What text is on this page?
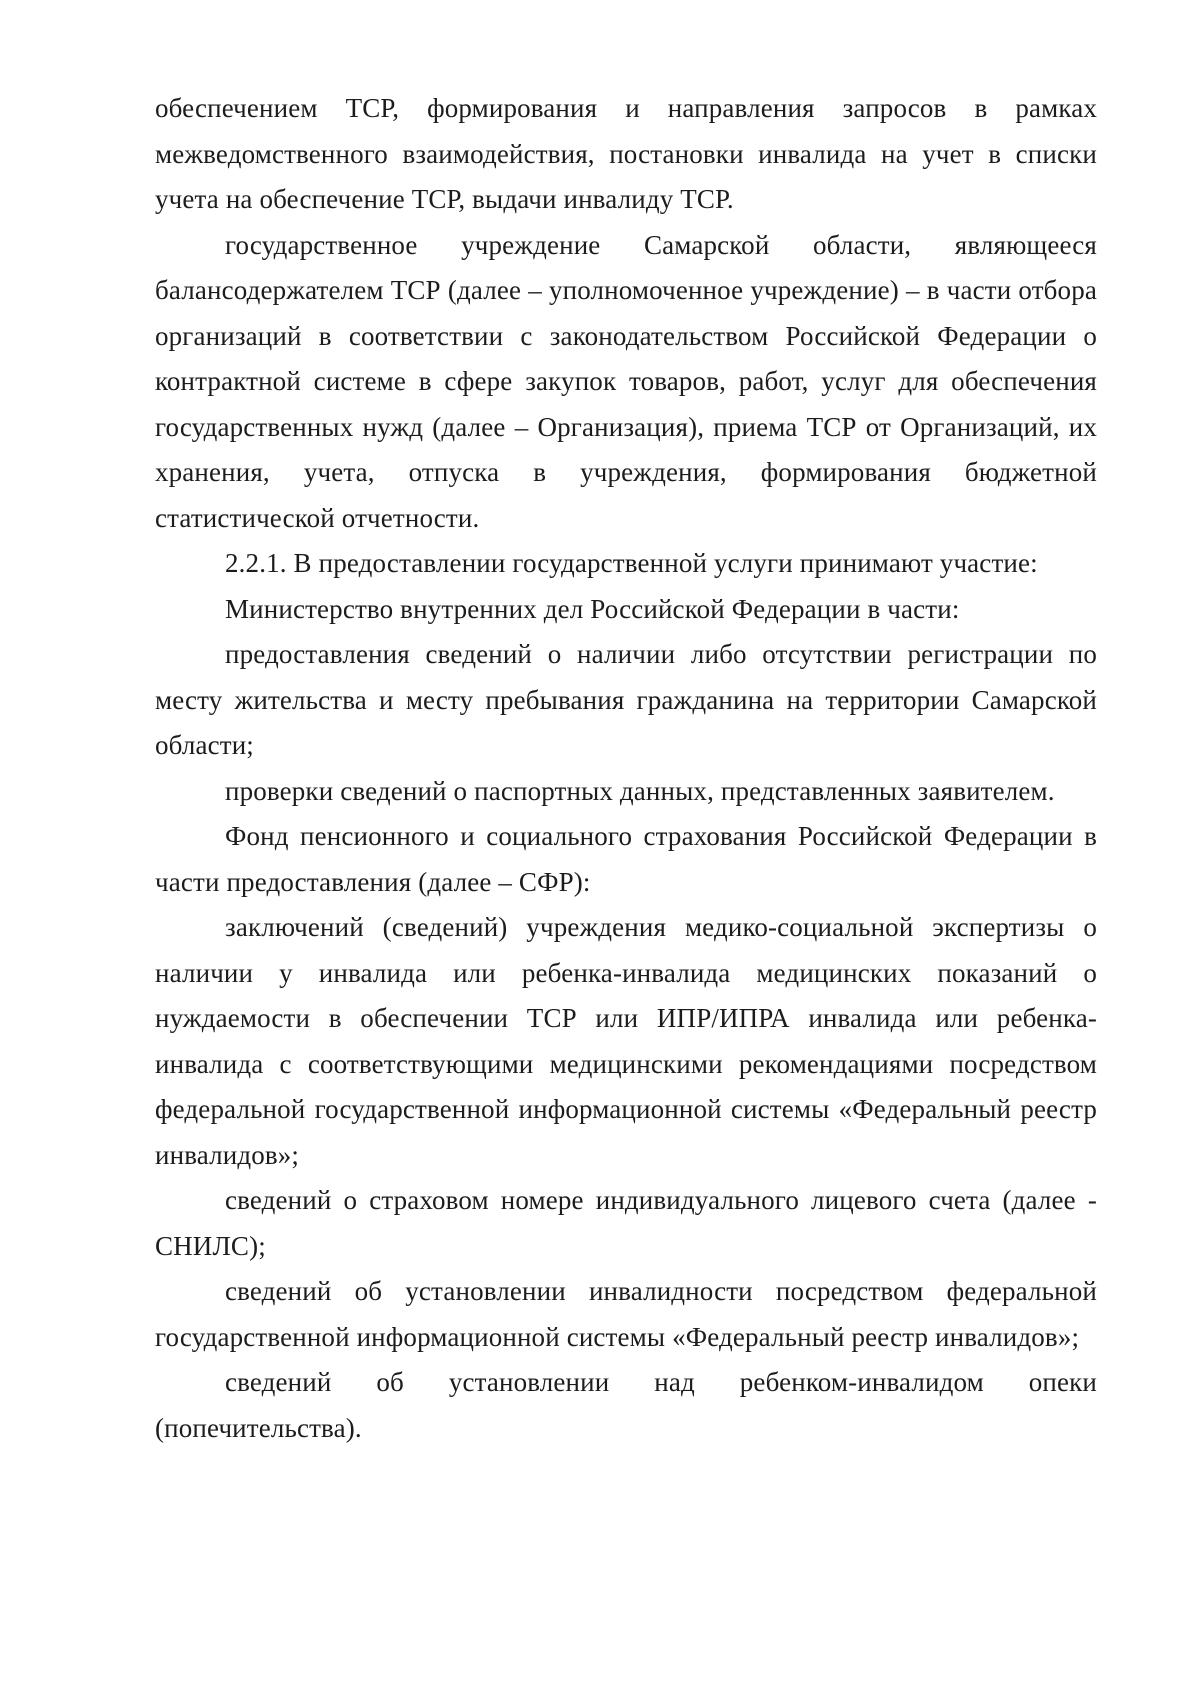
обеспечением ТСР, формирования и направления запросов в рамках межведомственного взаимодействия, постановки инвалида на учет в списки учета на обеспечение ТСР, выдачи инвалиду ТСР.

государственное учреждение Самарской области, являющееся балансодержателем ТСР (далее – уполномоченное учреждение) – в части отбора организаций в соответствии с законодательством Российской Федерации о контрактной системе в сфере закупок товаров, работ, услуг для обеспечения государственных нужд (далее – Организация), приема ТСР от Организаций, их хранения, учета, отпуска в учреждения, формирования бюджетной статистической отчетности.

2.2.1. В предоставлении государственной услуги принимают участие:

Министерство внутренних дел Российской Федерации в части:

предоставления сведений о наличии либо отсутствии регистрации по месту жительства и месту пребывания гражданина на территории Самарской области;

проверки сведений о паспортных данных, представленных заявителем.

Фонд пенсионного и социального страхования Российской Федерации в части предоставления (далее – СФР):

заключений (сведений) учреждения медико-социальной экспертизы о наличии у инвалида или ребенка-инвалида медицинских показаний о нуждаемости в обеспечении ТСР или ИПР/ИПРА инвалида или ребенка-инвалида с соответствующими медицинскими рекомендациями посредством федеральной государственной информационной системы «Федеральный реестр инвалидов»;

сведений о страховом номере индивидуального лицевого счета (далее - СНИЛС);

сведений об установлении инвалидности посредством федеральной государственной информационной системы «Федеральный реестр инвалидов»;

сведений об установлении над ребенком-инвалидом опеки (попечительства).
